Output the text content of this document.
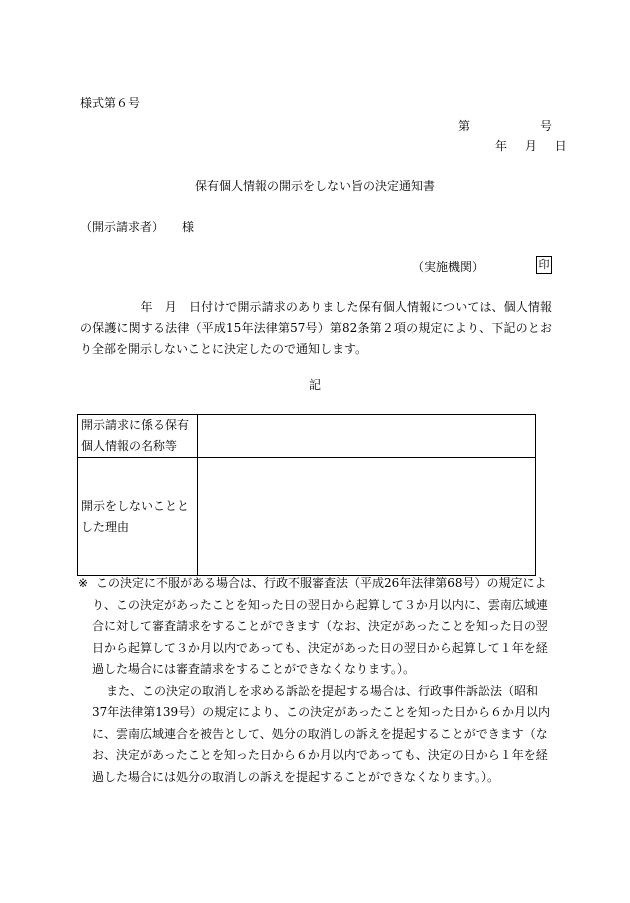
様式第６号
第	号
年 月 日
保有個人情報の開示をしない旨の決定通知書
（開示請求者） 様
（実施機関）	印
　　　　　年　月　日付けで開示請求のありました保有個人情報については、個人情報の保護に関する法律（平成15年法律第57号）第82条第２項の規定により、下記のとおり全部を開示しないことに決定したので通知します。
記
開示請求に係る保有個人情報の名称等	
開示をしないこととした理由	

※ この決定に不服がある場合は、行政不服審査法（平成26年法律第68号）の規定により、この決定があったことを知った日の翌日から起算して３か月以内に、雲南広域連合に対して審査請求をすることができます（なお、決定があったことを知った日の翌日から起算して３か月以内であっても、決定があった日の翌日から起算して１年を経過した場合には審査請求をすることができなくなります。）。

また、この決定の取消しを求める訴訟を提起する場合は、行政事件訴訟法（昭和37年法律第139号）の規定により、この決定があったことを知った日から６か月以内に、雲南広域連合を被告として、処分の取消しの訴えを提起することができます（なお、決定があったことを知った日から６か月以内であっても、決定の日から１年を経過した場合には処分の取消しの訴えを提起することができなくなります。）。
